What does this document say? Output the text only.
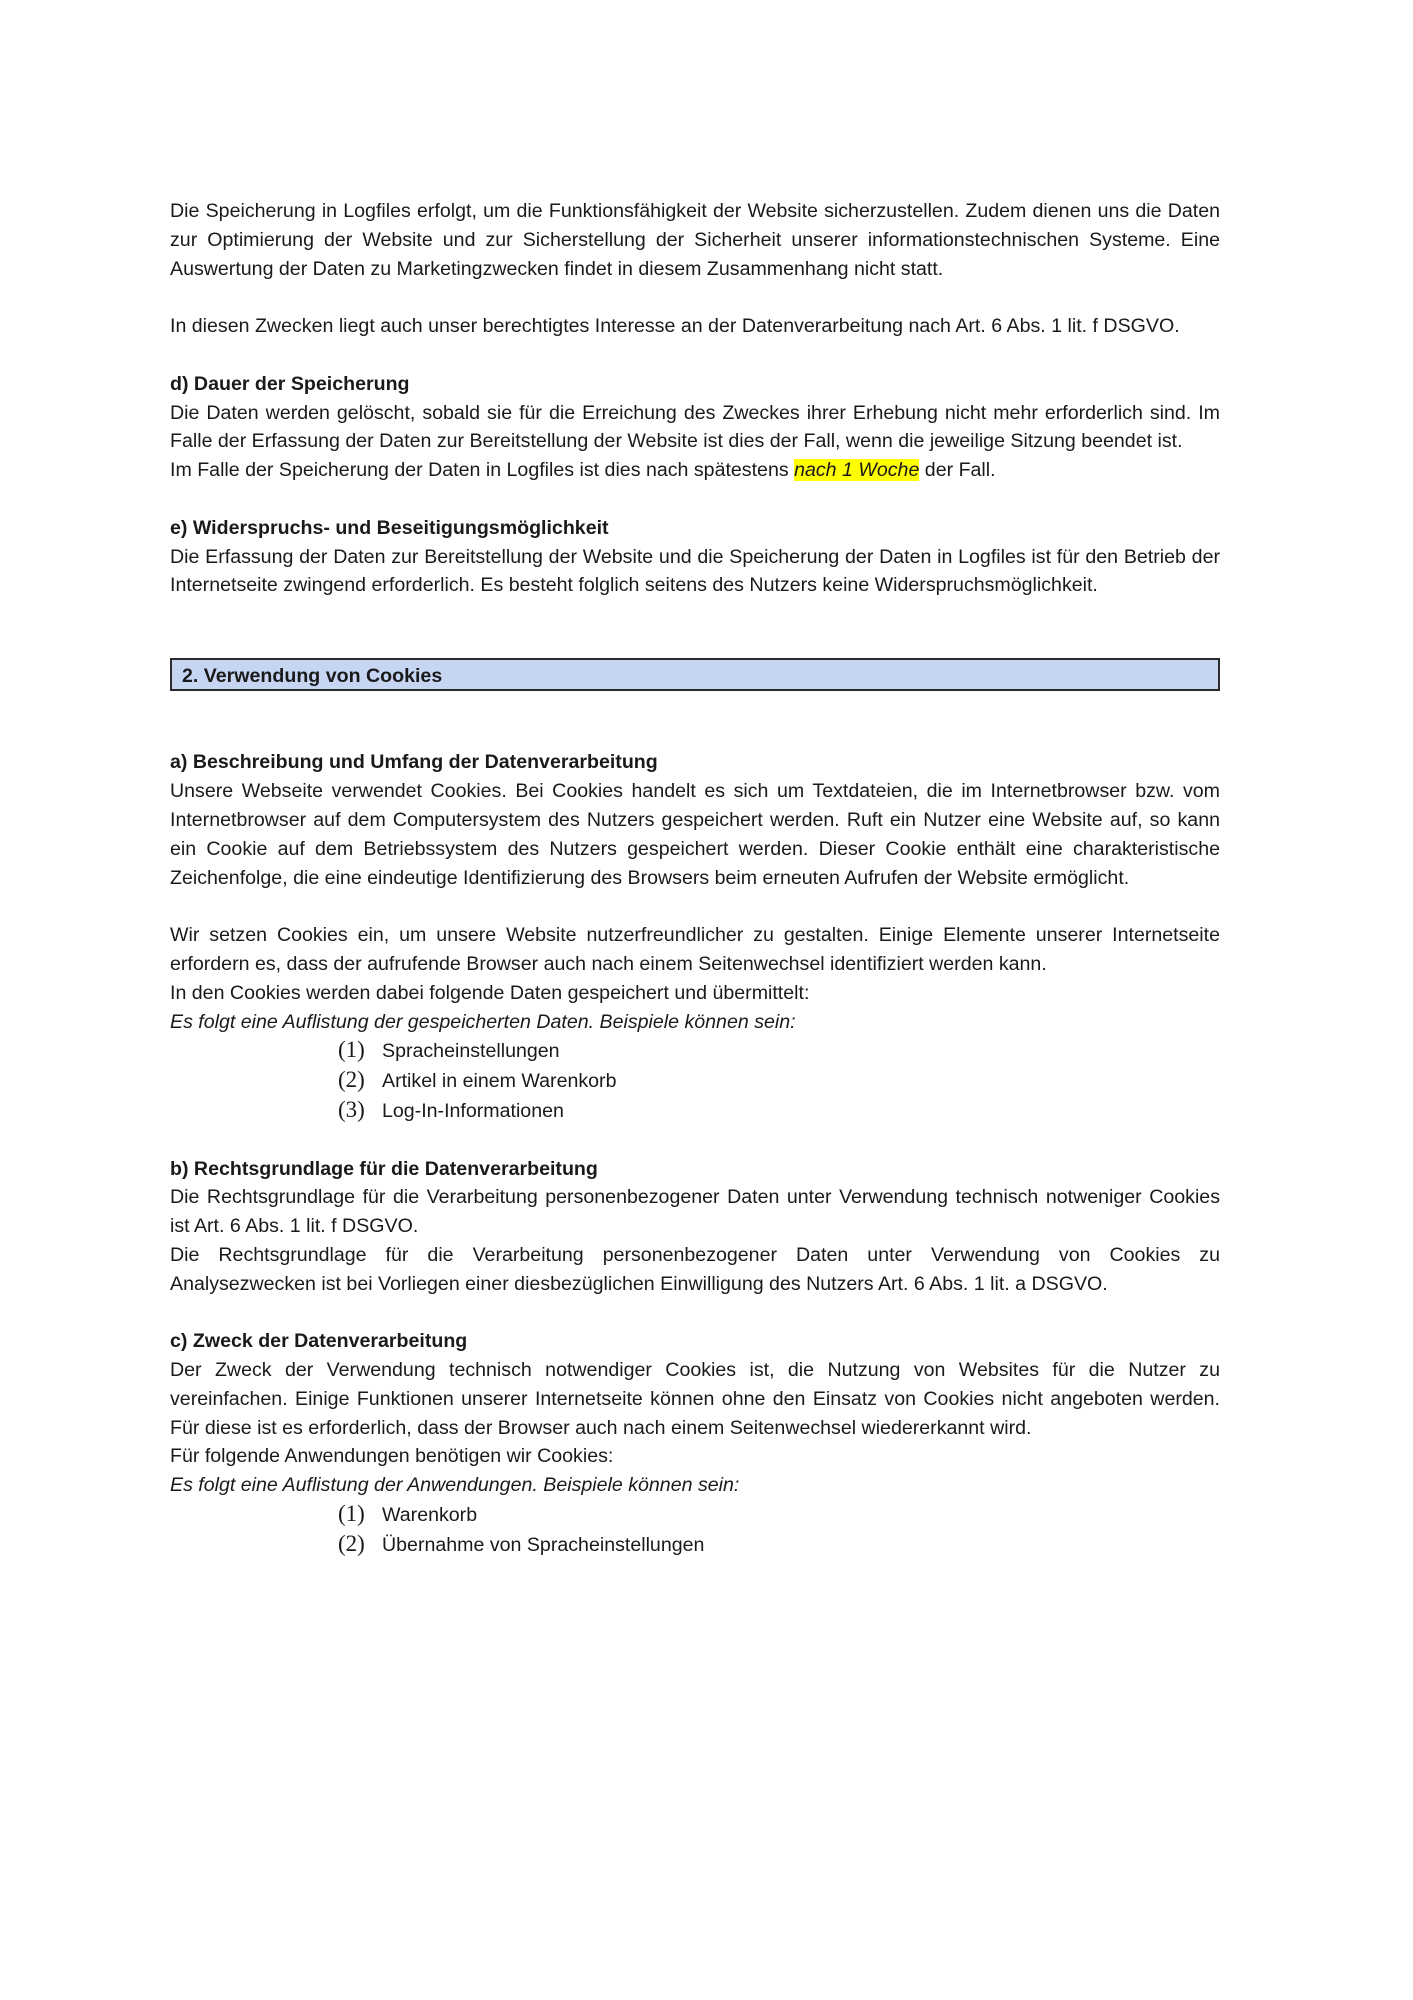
Die Speicherung in Logfiles erfolgt, um die Funktionsfähigkeit der Website sicherzustellen. Zudem dienen uns die Daten zur Optimierung der Website und zur Sicherstellung der Sicherheit unserer informationstechnischen Systeme. Eine Auswertung der Daten zu Marketingzwecken findet in diesem Zusammenhang nicht statt.

In diesen Zwecken liegt auch unser berechtigtes Interesse an der Datenverarbeitung nach Art. 6 Abs. 1 lit. f DSGVO.

d) Dauer der Speicherung

Die Daten werden gelöscht, sobald sie für die Erreichung des Zweckes ihrer Erhebung nicht mehr erforderlich sind. Im Falle der Erfassung der Daten zur Bereitstellung der Website ist dies der Fall, wenn die jeweilige Sitzung beendet ist.

Im Falle der Speicherung der Daten in Logfiles ist dies nach spätestens nach 1 Woche der Fall.

e) Widerspruchs- und Beseitigungsmöglichkeit

Die Erfassung der Daten zur Bereitstellung der Website und die Speicherung der Daten in Logfiles ist für den Betrieb der Internetseite zwingend erforderlich. Es besteht folglich seitens des Nutzers keine Widerspruchsmöglichkeit.

2. Verwendung von Cookies
a) Beschreibung und Umfang der Datenverarbeitung

Unsere Webseite verwendet Cookies. Bei Cookies handelt es sich um Textdateien, die im Internetbrowser bzw. vom Internetbrowser auf dem Computersystem des Nutzers gespeichert werden. Ruft ein Nutzer eine Website auf, so kann ein Cookie auf dem Betriebssystem des Nutzers gespeichert werden. Dieser Cookie enthält eine charakteristische Zeichenfolge, die eine eindeutige Identifizierung des Browsers beim erneuten Aufrufen der Website ermöglicht.

Wir setzen Cookies ein, um unsere Website nutzerfreundlicher zu gestalten. Einige Elemente unserer Internetseite erfordern es, dass der aufrufende Browser auch nach einem Seitenwechsel identifiziert werden kann.

In den Cookies werden dabei folgende Daten gespeichert und übermittelt:

Es folgt eine Auflistung der gespeicherten Daten. Beispiele können sein:

(1) Spracheinstellungen
(2) Artikel in einem Warenkorb
(3) Log-In-Informationen
b) Rechtsgrundlage für die Datenverarbeitung

Die Rechtsgrundlage für die Verarbeitung personenbezogener Daten unter Verwendung technisch notweniger Cookies ist Art. 6 Abs. 1 lit. f DSGVO.

Die Rechtsgrundlage für die Verarbeitung personenbezogener Daten unter Verwendung von Cookies zu Analysezwecken ist bei Vorliegen einer diesbezüglichen Einwilligung des Nutzers Art. 6 Abs. 1 lit. a DSGVO.

c) Zweck der Datenverarbeitung

Der Zweck der Verwendung technisch notwendiger Cookies ist, die Nutzung von Websites für die Nutzer zu vereinfachen. Einige Funktionen unserer Internetseite können ohne den Einsatz von Cookies nicht angeboten werden. Für diese ist es erforderlich, dass der Browser auch nach einem Seitenwechsel wiedererkannt wird.

Für folgende Anwendungen benötigen wir Cookies:

Es folgt eine Auflistung der Anwendungen. Beispiele können sein:

(1) Warenkorb
(2) Übernahme von Spracheinstellungen
